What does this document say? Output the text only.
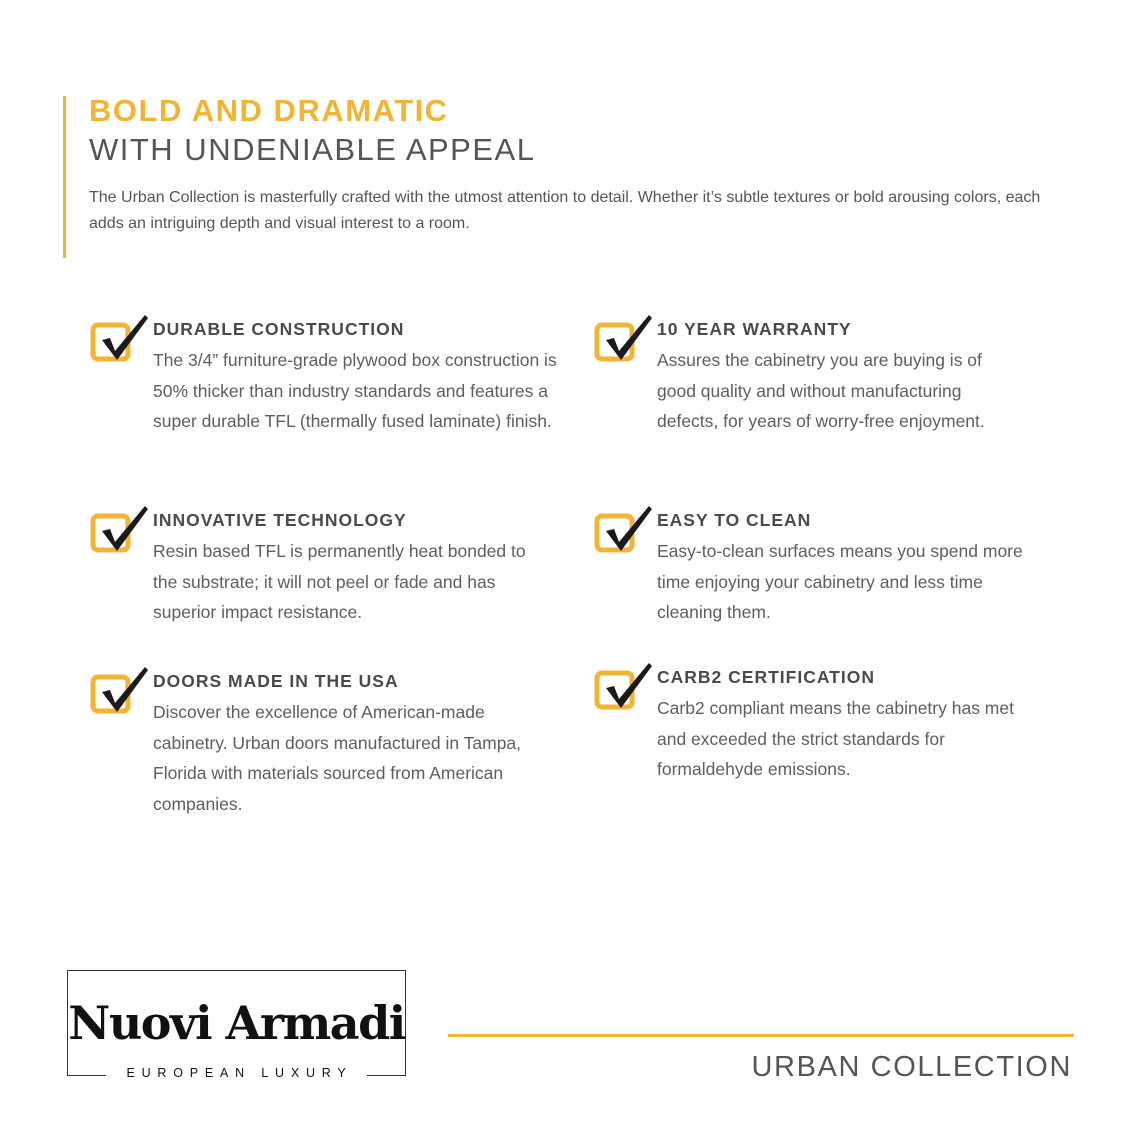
BOLD AND DRAMATIC
WITH UNDENIABLE APPEAL

The Urban Collection is masterfully crafted with the utmost attention to detail. Whether it’s subtle textures or bold arousing colors, each adds an intriguing depth and visual interest to a room.

DURABLE CONSTRUCTION
The 3/4” furniture-grade plywood box construction is 50% thicker than industry standards and features a super durable TFL (thermally fused laminate) finish.
10 YEAR WARRANTY
Assures the cabinetry you are buying is of good quality and without manufacturing defects, for years of worry-free enjoyment.
INNOVATIVE TECHNOLOGY
Resin based TFL is permanently heat bonded to the substrate; it will not peel or fade and has superior impact resistance.
EASY TO CLEAN
Easy-to-clean surfaces means you spend more time enjoying your cabinetry and less time cleaning them.
DOORS MADE IN THE USA
Discover the excellence of American-made cabinetry. Urban doors manufactured in Tampa, Florida with materials sourced from American companies.
CARB2 CERTIFICATION
Carb2 compliant means the cabinetry has met and exceeded the strict standards for formaldehyde emissions.
Nuovi Armadi
EUROPEAN LUXURY	URBAN COLLECTION
